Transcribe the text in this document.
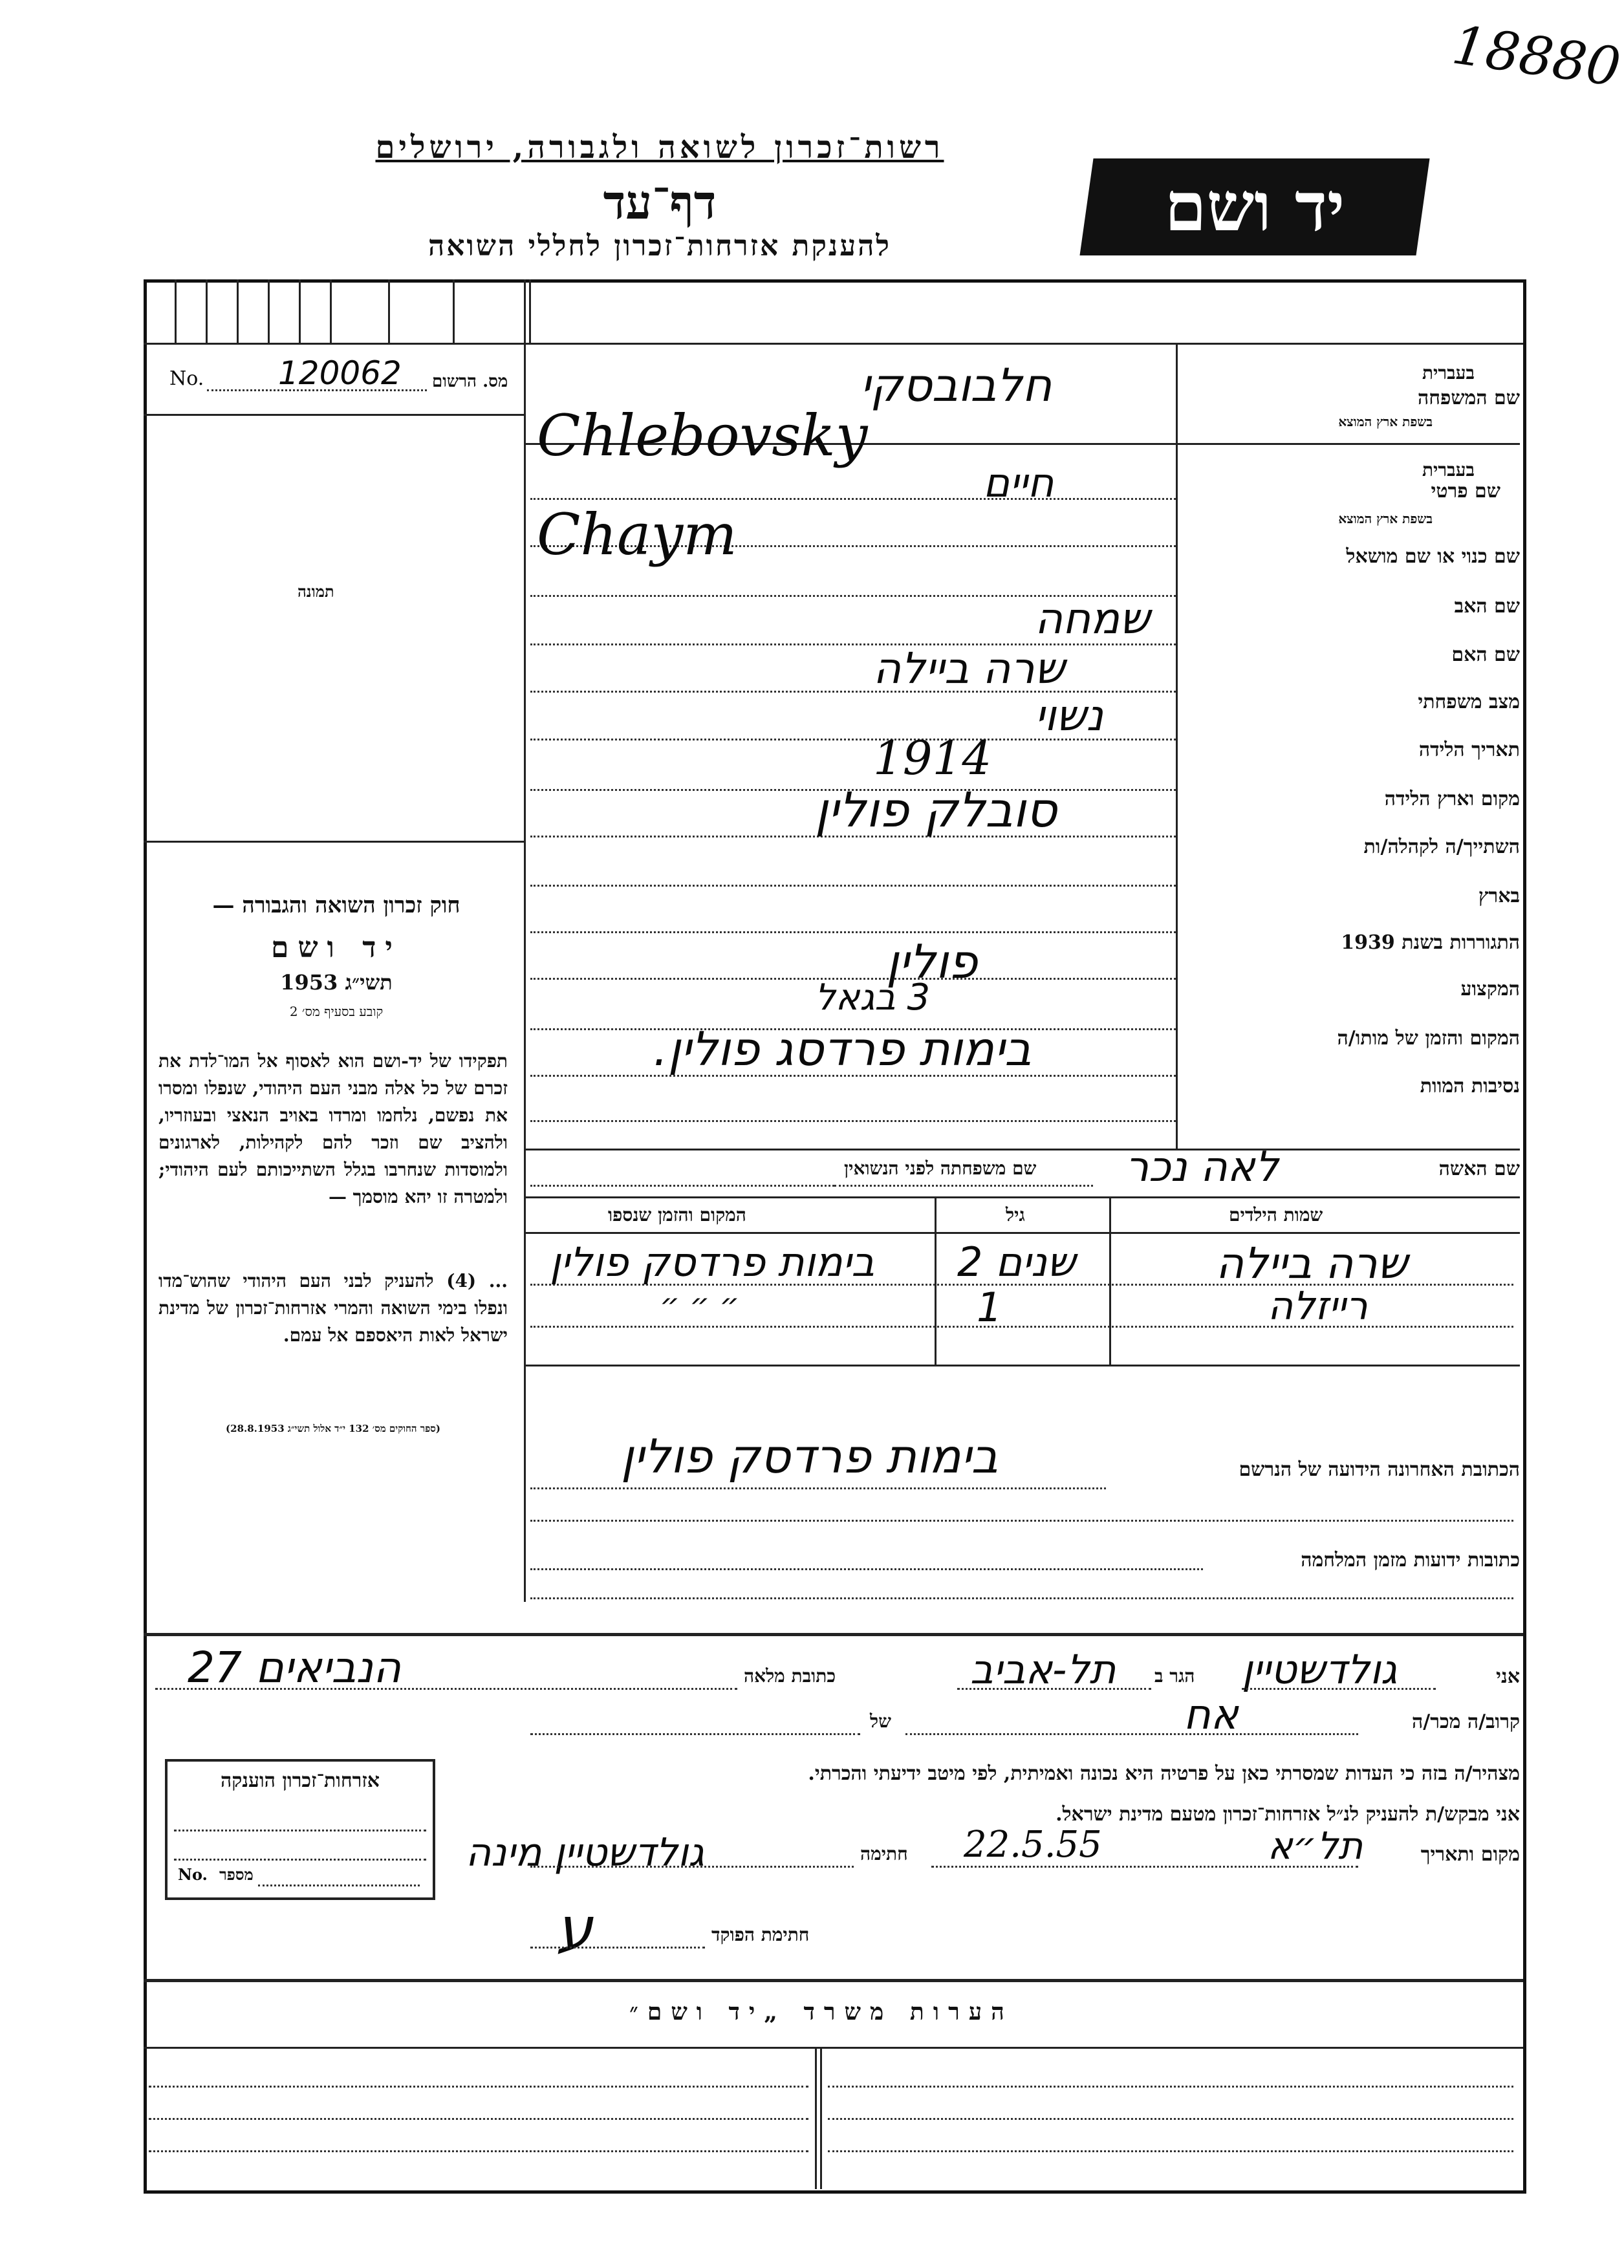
18880
רשות־זכרון לשואה ולגבורה, ירושלים
דף־עד
להענקת אזרחות־זכרון לחללי השואה	יד ושם
No. 120062 מס. הרשום
תמונה
חוק זכרון השואה והגבורה —
יד ושם
תשי״ג 1953
קובע בסעיף מס׳ 2
תפקידו של יד-ושם הוא לאסוף אל המו־לדת את זכרם של כל אלה מבני העם היהודי, שנפלו ומסרו את נפשם, נלחמו ומרדו באויב הנאצי ובעוזריו, ולהציב שם וזכר להם לקהילות, לארגונים ולמוסדות שנחרבו בגלל השתייכותם לעם היהודי; ולמטרה זו יהא מוסמך —
... (4) להעניק לבני העם היהודי שהוש־מדו ונפלו בימי השואה והמרי אזרחות־זכרון של מדינת ישראל לאות היאספם אל עמם.
(ספר החוקים מס׳ 132 י״ד אלול תשי״ג 28.8.1953)
בעברית
שם המשפחה
בשפת ארץ המוצא
בעברית
שם פרטי
בשפת ארץ המוצא
שם כנוי או שם מושאל
שם האב
שם האם
מצב משפחתי
תאריך הלידה
מקום וארץ הלידה
השתייך/ה לקהלה/ות
בארץ
התגוררות בשנת 1939
המקצוע
המקום והזמן של מותו/ה
נסיבות המוות
חלבובסקי
Chlebovsky
חיים
Chaym
שמחה
שרה ביילה
נשוי
1914
סובלק פולין
פולין
3 בגאל
בימות פרדסג פולין.
שם האשה
לאה נכר
שם משפחתה לפני הנשואין
שמות הילדים
גיל
המקום והזמן שנספו
שרה ביילה
שנים 2
בימות פרדסק פולין
רייזלה
1
״ ״ ״
הכתובת האחרונה הידועה של הנרשם
בימות פרדסק פולין
כתובות ידועות מזמן המלחמה
אני
גולדשטיין
הגר ב
תל-אביב
כתובת מלאה
הנביאים 27
קרוב/ה מכר/ה
אח
של
מצהיר/ה בזה כי העדות שמסרתי כאן על פרטיה היא נכונה ואמיתית, לפי מיטב ידיעתי והכרתי.
אני מבקש/ת להעניק לנ״ל אזרחות־זכרון מטעם מדינת ישראל.
מקום ותאריך
תל״א
22.5.55
חתימה
גולדשטיין מינה
ע	חתימת הפוקד
אזרחות־זכרון הוענקה
No. מספר
הערות משרד „יד ושם״
